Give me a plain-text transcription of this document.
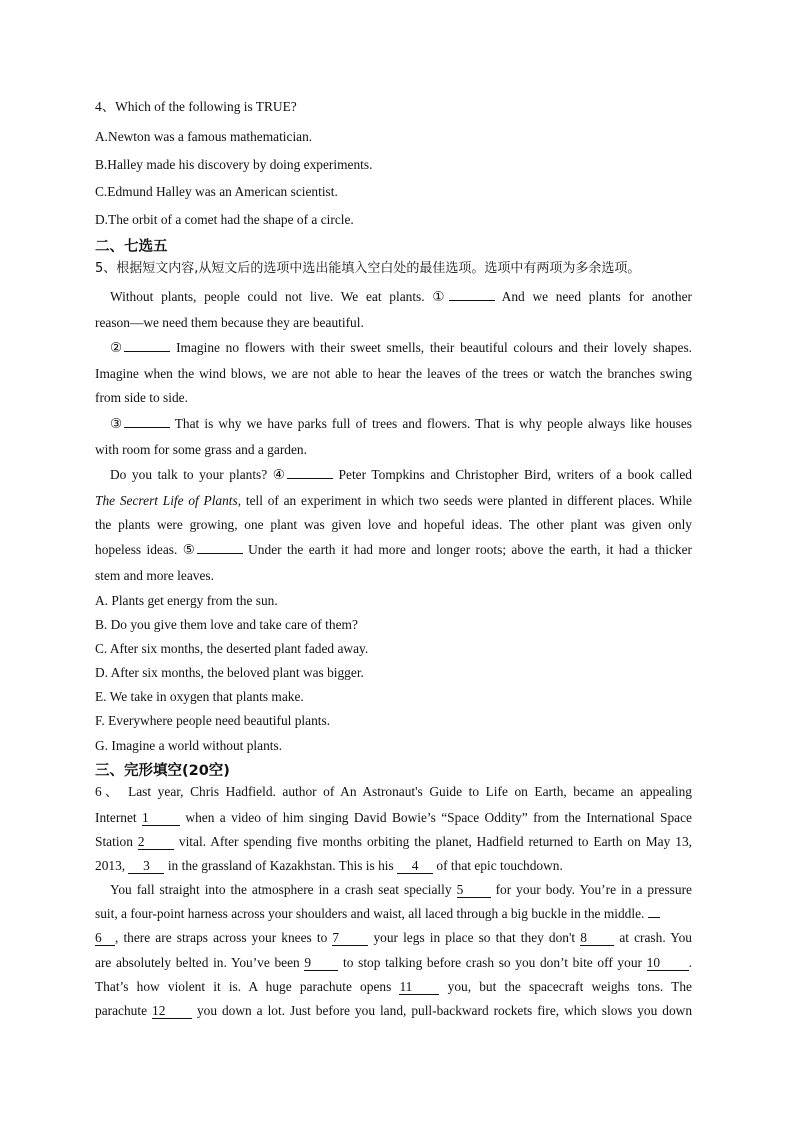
4、Which of the following is TRUE?
A.Newton was a famous mathematician.
B.Halley made his discovery by doing experiments.
C.Edmund Halley was an American scientist.
D.The orbit of a comet had the shape of a circle.
二、七选五
5、根据短文内容,从短文后的选项中选出能填入空白处的最佳选项。选项中有两项为多余选项。
Without plants, people could not live. We eat plants. ①	And we need plants for another
reason—we need them because they are beautiful.
②	Imagine no flowers with their sweet smells, their beautiful colours and their lovely shapes.
Imagine when the wind blows, we are not able to hear the leaves of the trees or watch the branches swing
from side to side.
③	That is why we have parks full of trees and flowers. That is why people always like houses
with room for some grass and a garden.
Do you talk to your plants? ④	Peter Tompkins and Christopher Bird, writers of a book called
The Secrert Life of Plants, tell of an experiment in which two seeds were planted in different places. While
the plants were growing, one plant was given love and hopeful ideas. The other plant was given only
hopeless ideas. ⑤	Under the earth it had more and longer roots; above the earth, it had a thicker
stem and more leaves.
A. Plants get energy from the sun.
B. Do you give them love and take care of them?
C. After six months, the deserted plant faded away.
D. After six months, the beloved plant was bigger.
E. We take in oxygen that plants make.
F. Everywhere people need beautiful plants.
G. Imagine a world without plants.
三、完形填空(20空)
6、 Last year, Chris Hadfield. author of An Astronaut's Guide to Life on Earth, became an appealing
Internet 1 when a video of him singing David Bowie’s “Space Oddity” from the International Space
Station 2 vital. After spending five months orbiting the planet, Hadfield returned to Earth on May 13,
2013, 3 in the grassland of Kazakhstan. This is his 4 of that epic touchdown.
You fall straight into the atmosphere in a crash seat specially 5 for your body. You’re in a pressure
suit, a four-point harness across your shoulders and waist, all laced through a big buckle in the middle.
6 , there are straps across your knees to 7 your legs in place so that they don't 8 at crash. You
are absolutely belted in. You’ve been 9 to stop talking before crash so you don’t bite off your 10 .
That’s how violent it is. A huge parachute opens 11 you, but the spacecraft weighs tons. The
parachute 12 you down a lot. Just before you land, pull-backward rockets fire, which slows you down
